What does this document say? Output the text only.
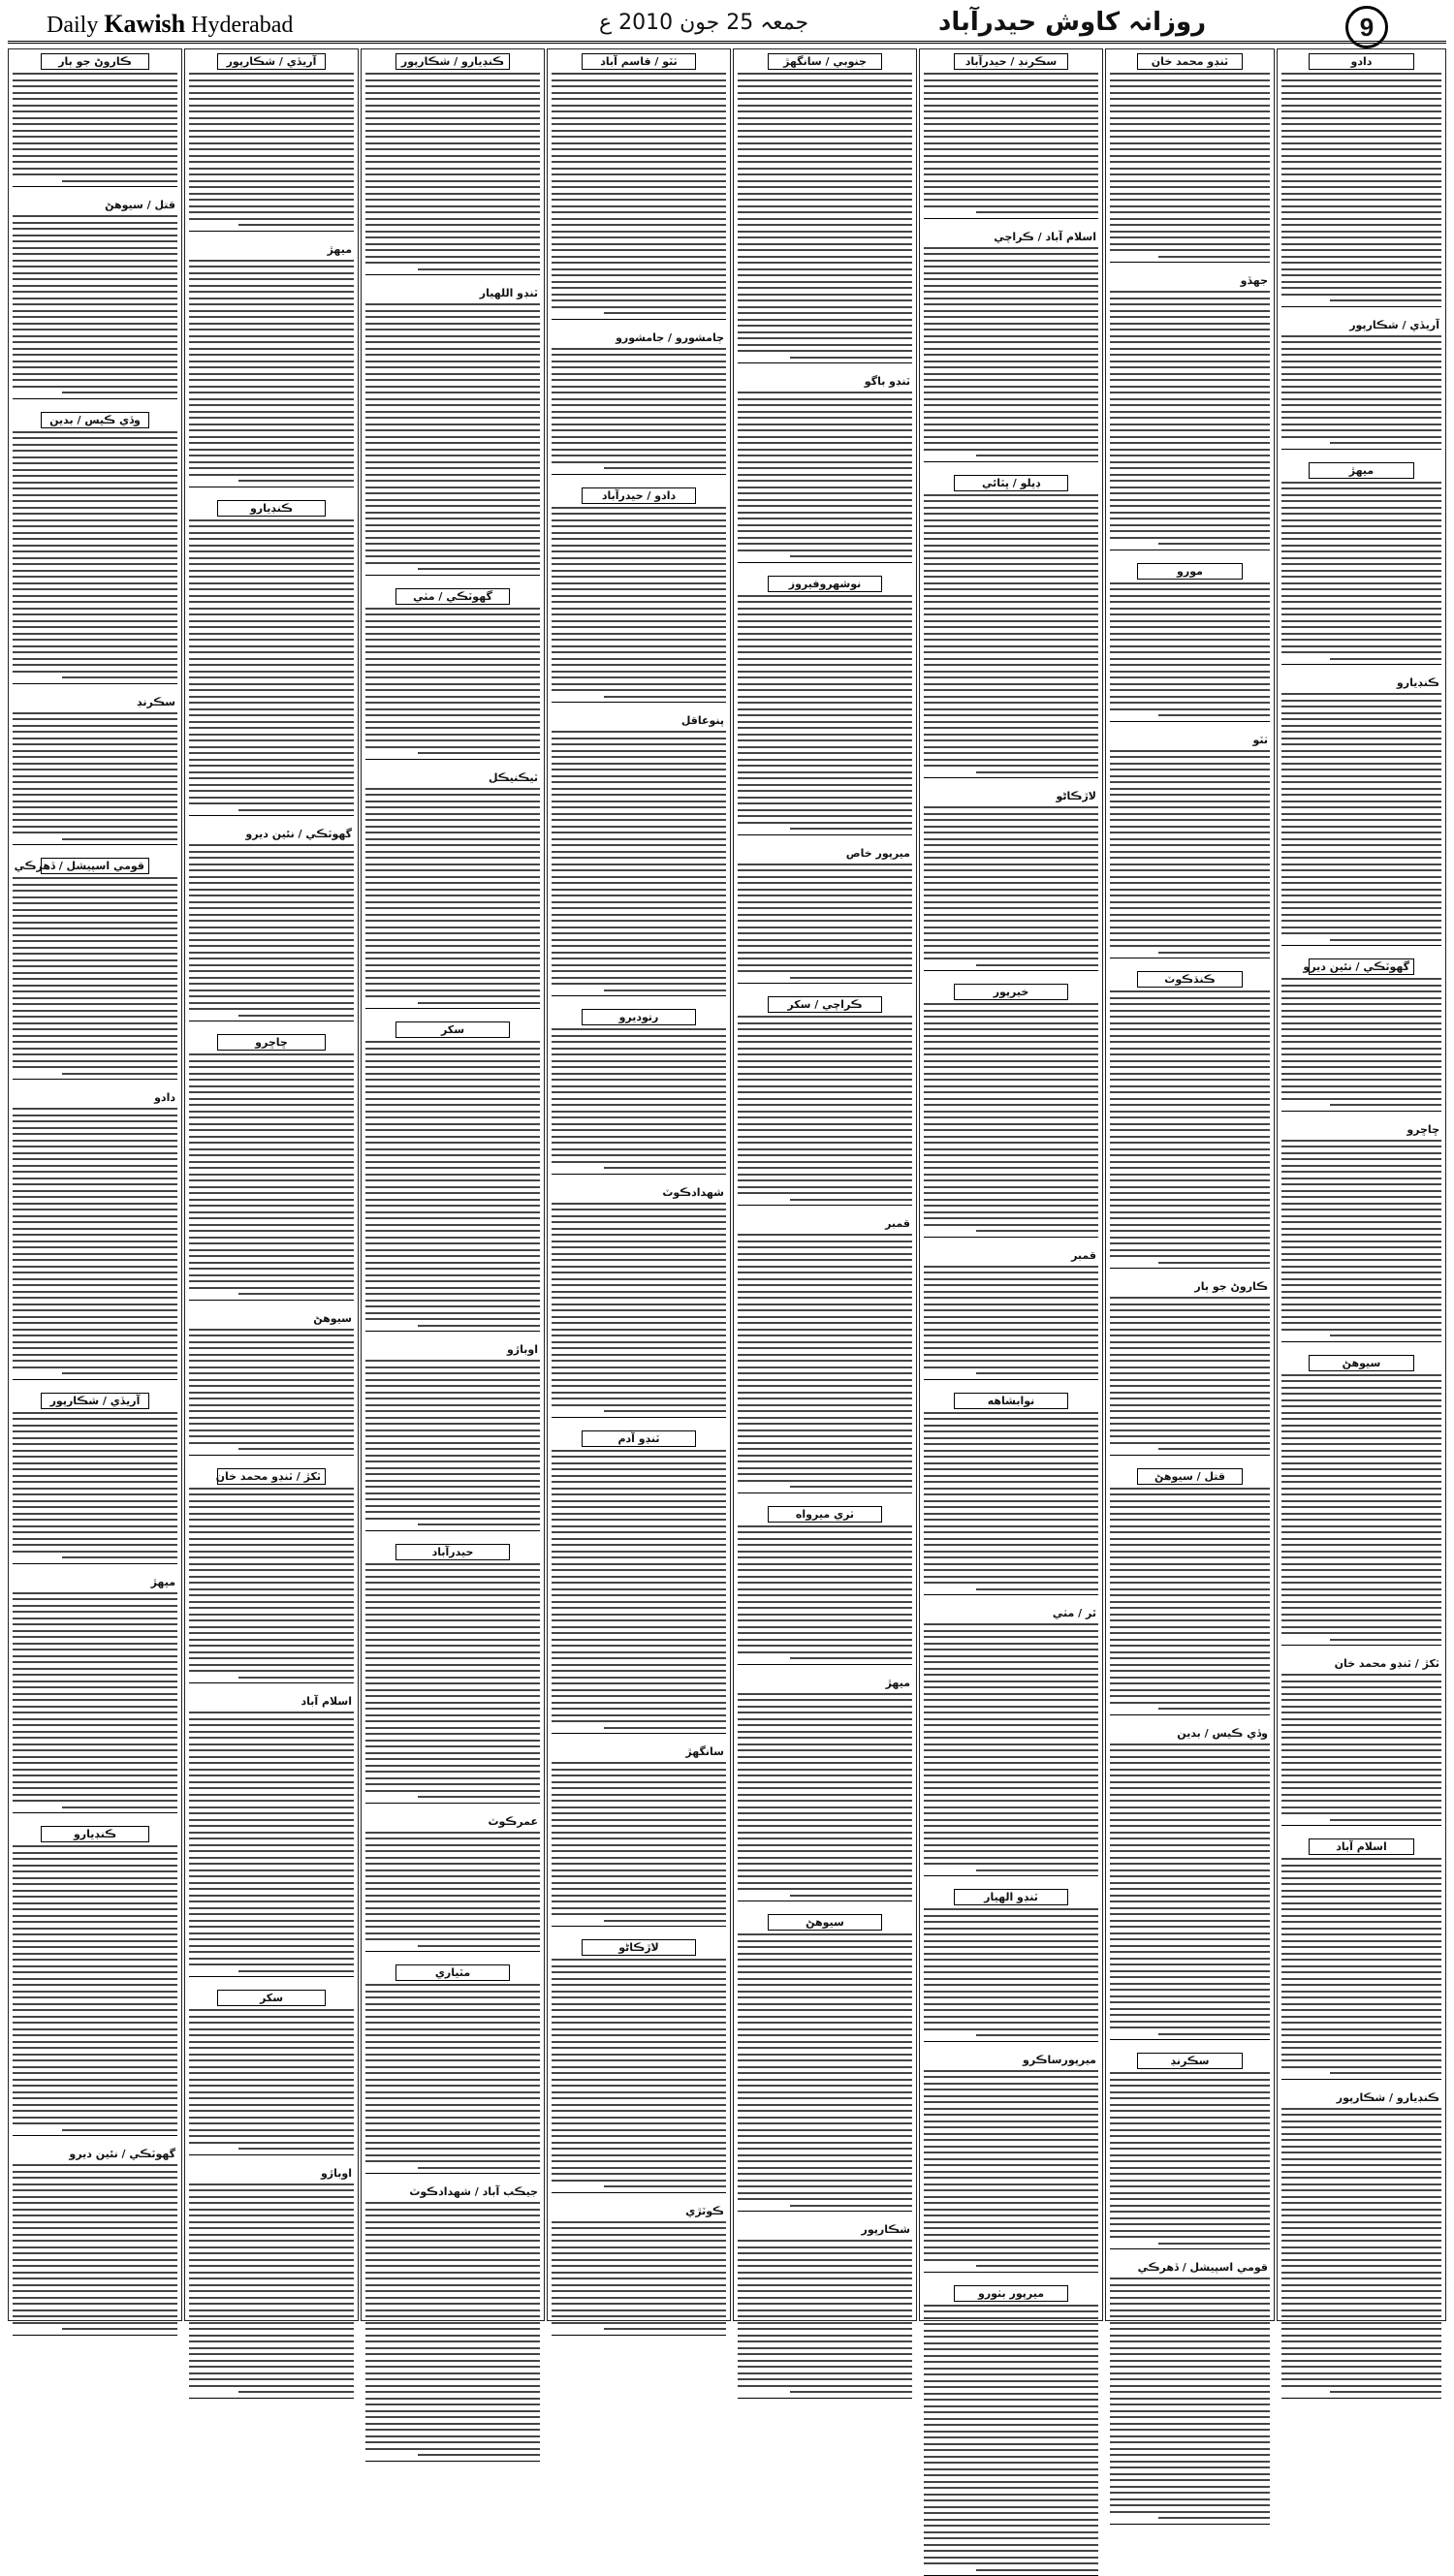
Daily Kawish Hyderabad	جمعہ 25 جون 2010 ع	روزانہ کاوش حیدرآباد	9
ڪاروڻ جو ٻار
قتل / سيوهڻ
وڏي ڪيس / بدين
سڪرنڊ
قومي اسپيشل / ڏهرڪي
دادو
آريڏي / شڪارپور
ميهڙ
ڪنڊيارو
گهوٽڪي / نئين ديرو
آريڏي / شڪارپور
ميهڙ
ڪنڊيارو
گهوٽڪي / نئين ديرو
ڇاڇرو
سيوهڻ
ٽکڙ / ٽنڊو محمد خان
اسلام آباد
سکر
اوباڙو
ڪنڊيارو / شڪارپور
ٽنڊو اللهيار
گهوٽڪي / مٺي
ٽيڪنيڪل
سکر
اوباڙو
حيدرآباد
عمرڪوٽ
مٽياري
جيڪب آباد / شهدادڪوٽ
ٺٽو / قاسم آباد
ڄامشورو / جامشورو
دادو / حيدرآباد
پنوعاقل
رتوديرو
شهدادڪوٽ
ٽنڊو آدم
سانگهڙ
لاڙڪاڻو
ڪوٽڙي
جنوبي / سانگهڙ
ٽنڊو باگو
نوشهروفيروز
ميرپور خاص
ڪراچي / سکر
قمبر
ٺري ميرواه
ميهڙ
سيوهڻ
شڪارپور
سڪرنڊ / حيدرآباد
اسلام آباد / ڪراچي
ڊپلو / ڀٽائي
لاڙڪاڻو
خيرپور
قمبر
نوابشاهه
ٿر / مٺي
ٽنڊو الهيار
ميرپورساڪرو
ميرپور بٺورو
ٽنڊو محمد خان
جهڏو
مورو
ٺٽو
ڪنڌڪوٽ
ڪاروڻ جو ٻار
قتل / سيوهڻ
وڏي ڪيس / بدين
سڪرنڊ
قومي اسپيشل / ڏهرڪي
دادو
آريڏي / شڪارپور
ميهڙ
ڪنڊيارو
گهوٽڪي / نئين ديرو
ڇاڇرو
سيوهڻ
ٽکڙ / ٽنڊو محمد خان
اسلام آباد
ڪنڊيارو / شڪارپور
